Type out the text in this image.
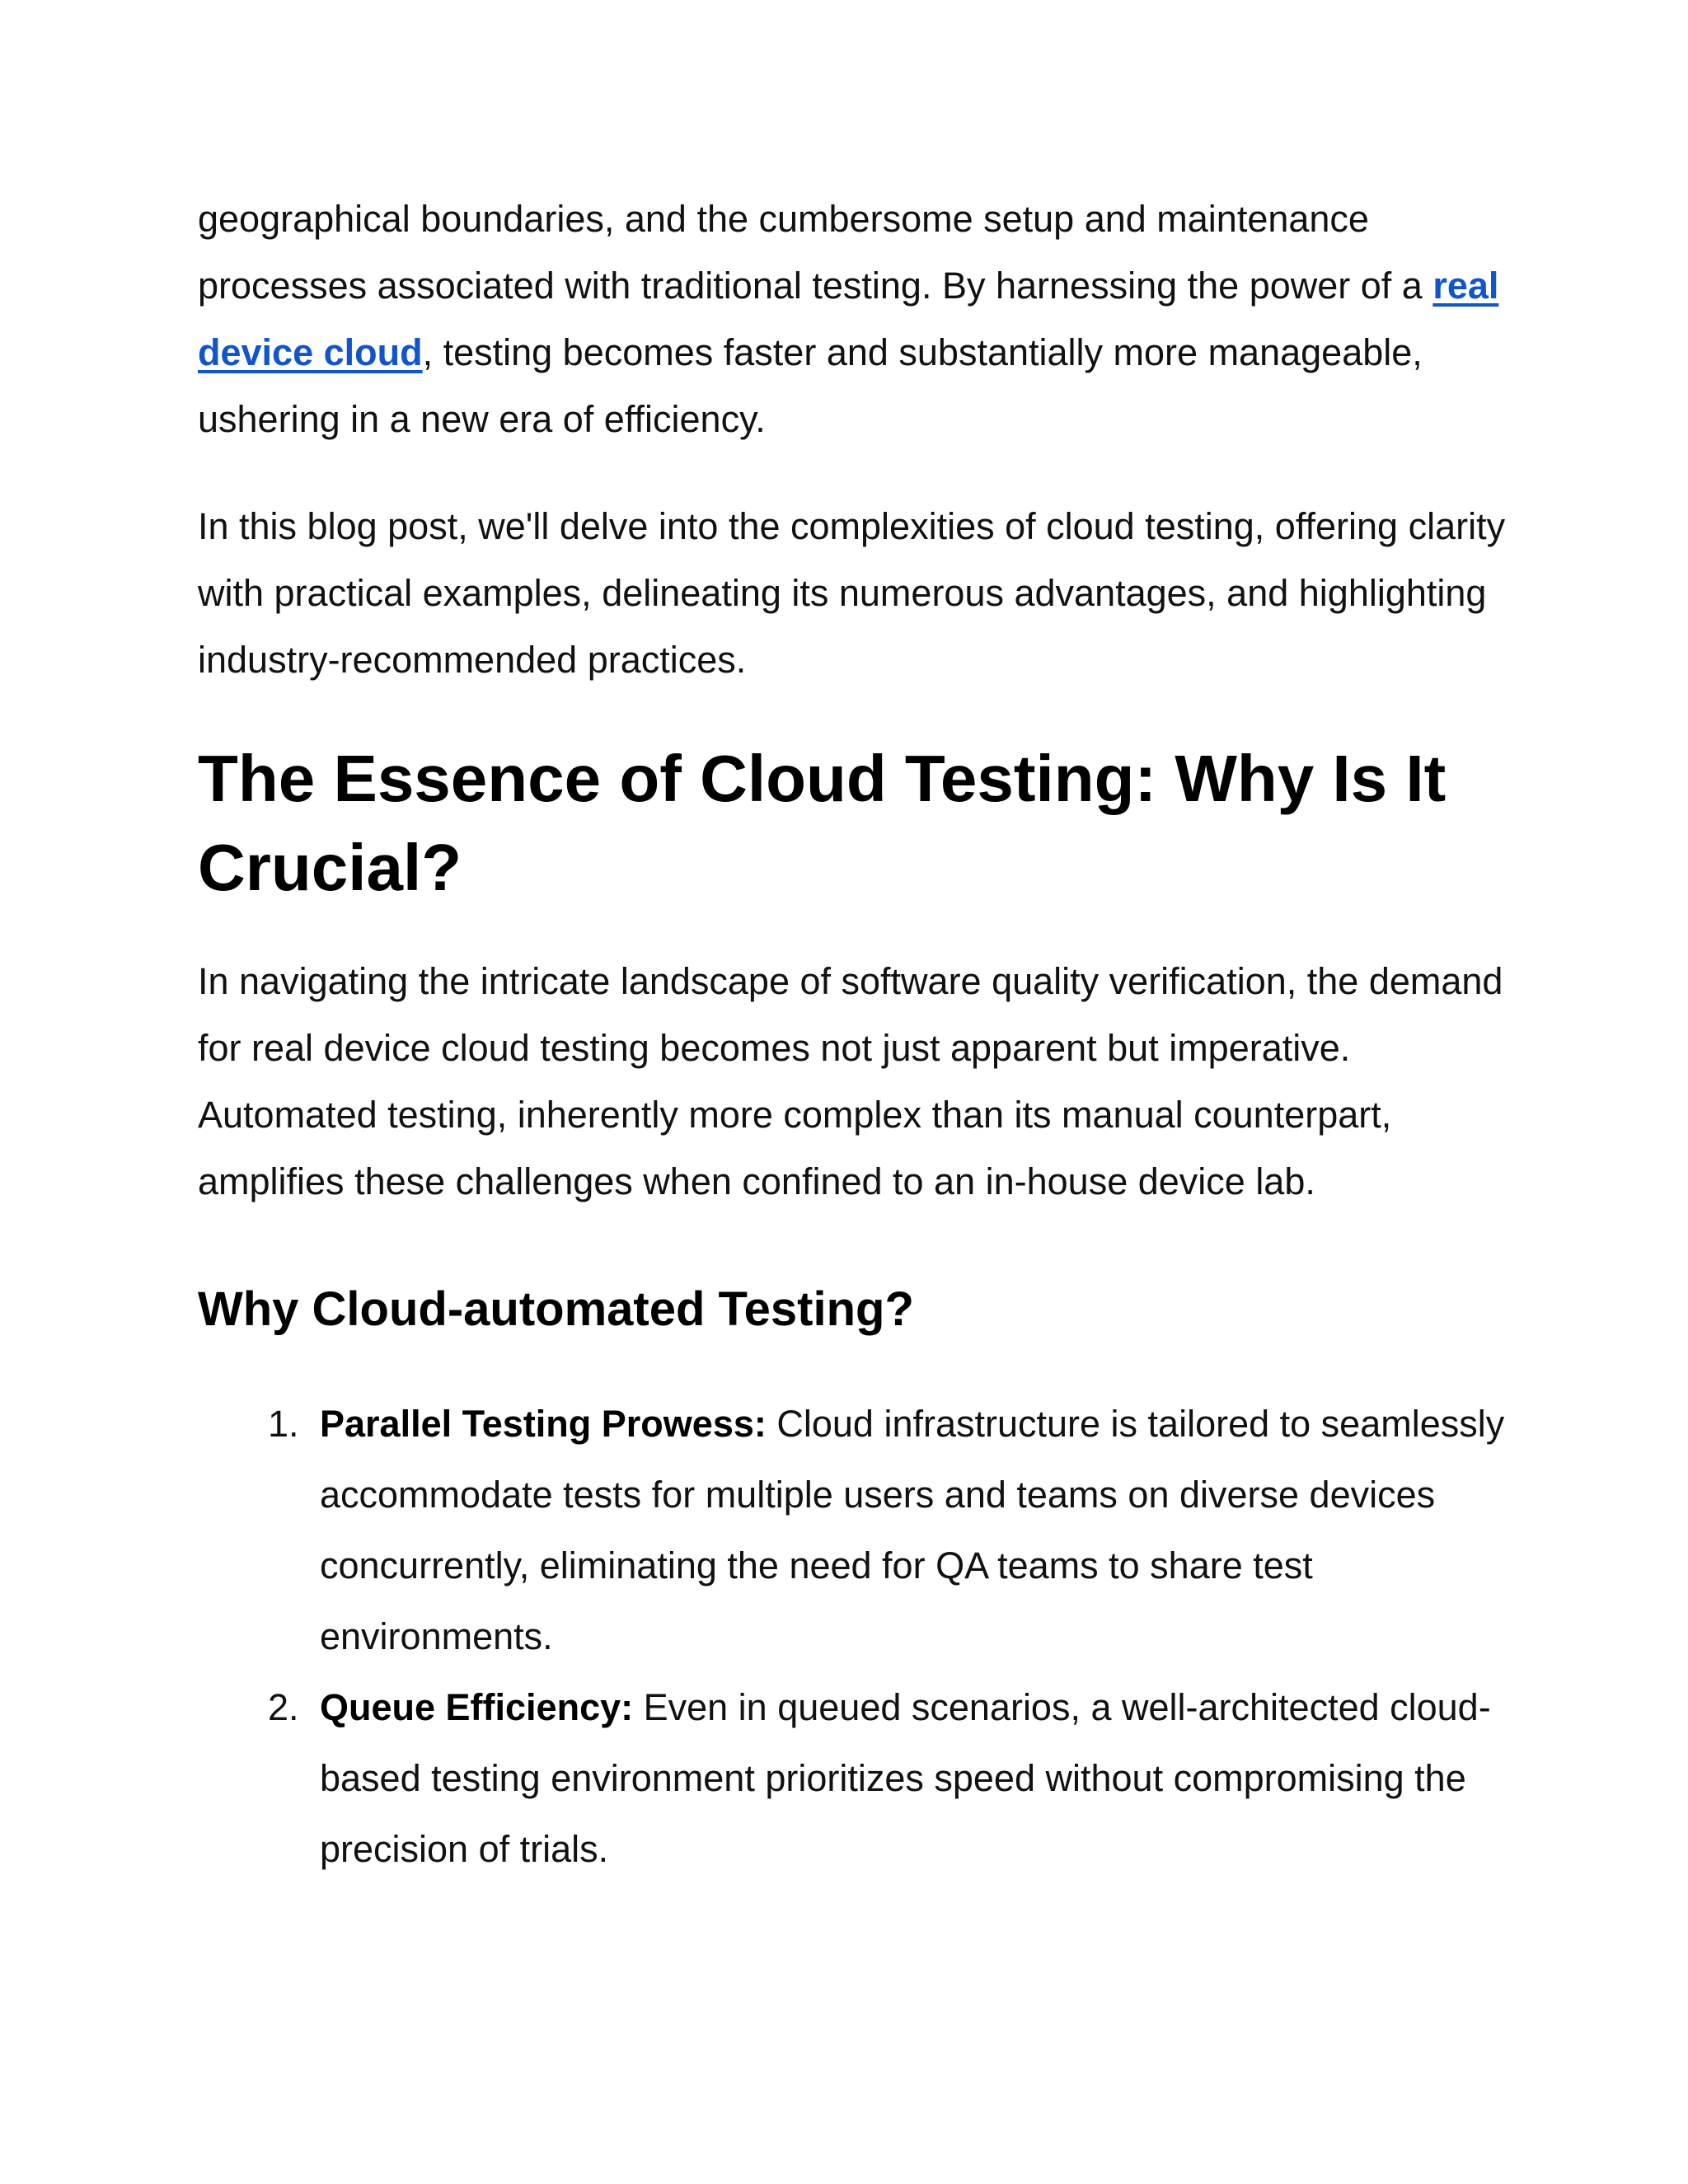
geographical boundaries, and the cumbersome setup and maintenance processes associated with traditional testing. By harnessing the power of a real device cloud, testing becomes faster and substantially more manageable, ushering in a new era of efficiency.

In this blog post, we'll delve into the complexities of cloud testing, offering clarity with practical examples, delineating its numerous advantages, and highlighting industry-recommended practices.

The Essence of Cloud Testing: Why Is It Crucial?

In navigating the intricate landscape of software quality verification, the demand for real device cloud testing becomes not just apparent but imperative. Automated testing, inherently more complex than its manual counterpart, amplifies these challenges when confined to an in-house device lab.

Why Cloud-automated Testing?
1. Parallel Testing Prowess: Cloud infrastructure is tailored to seamlessly accommodate tests for multiple users and teams on diverse devices concurrently, eliminating the need for QA teams to share test environments.
2. Queue Efficiency: Even in queued scenarios, a well-architected cloud-based testing environment prioritizes speed without compromising the precision of trials.
